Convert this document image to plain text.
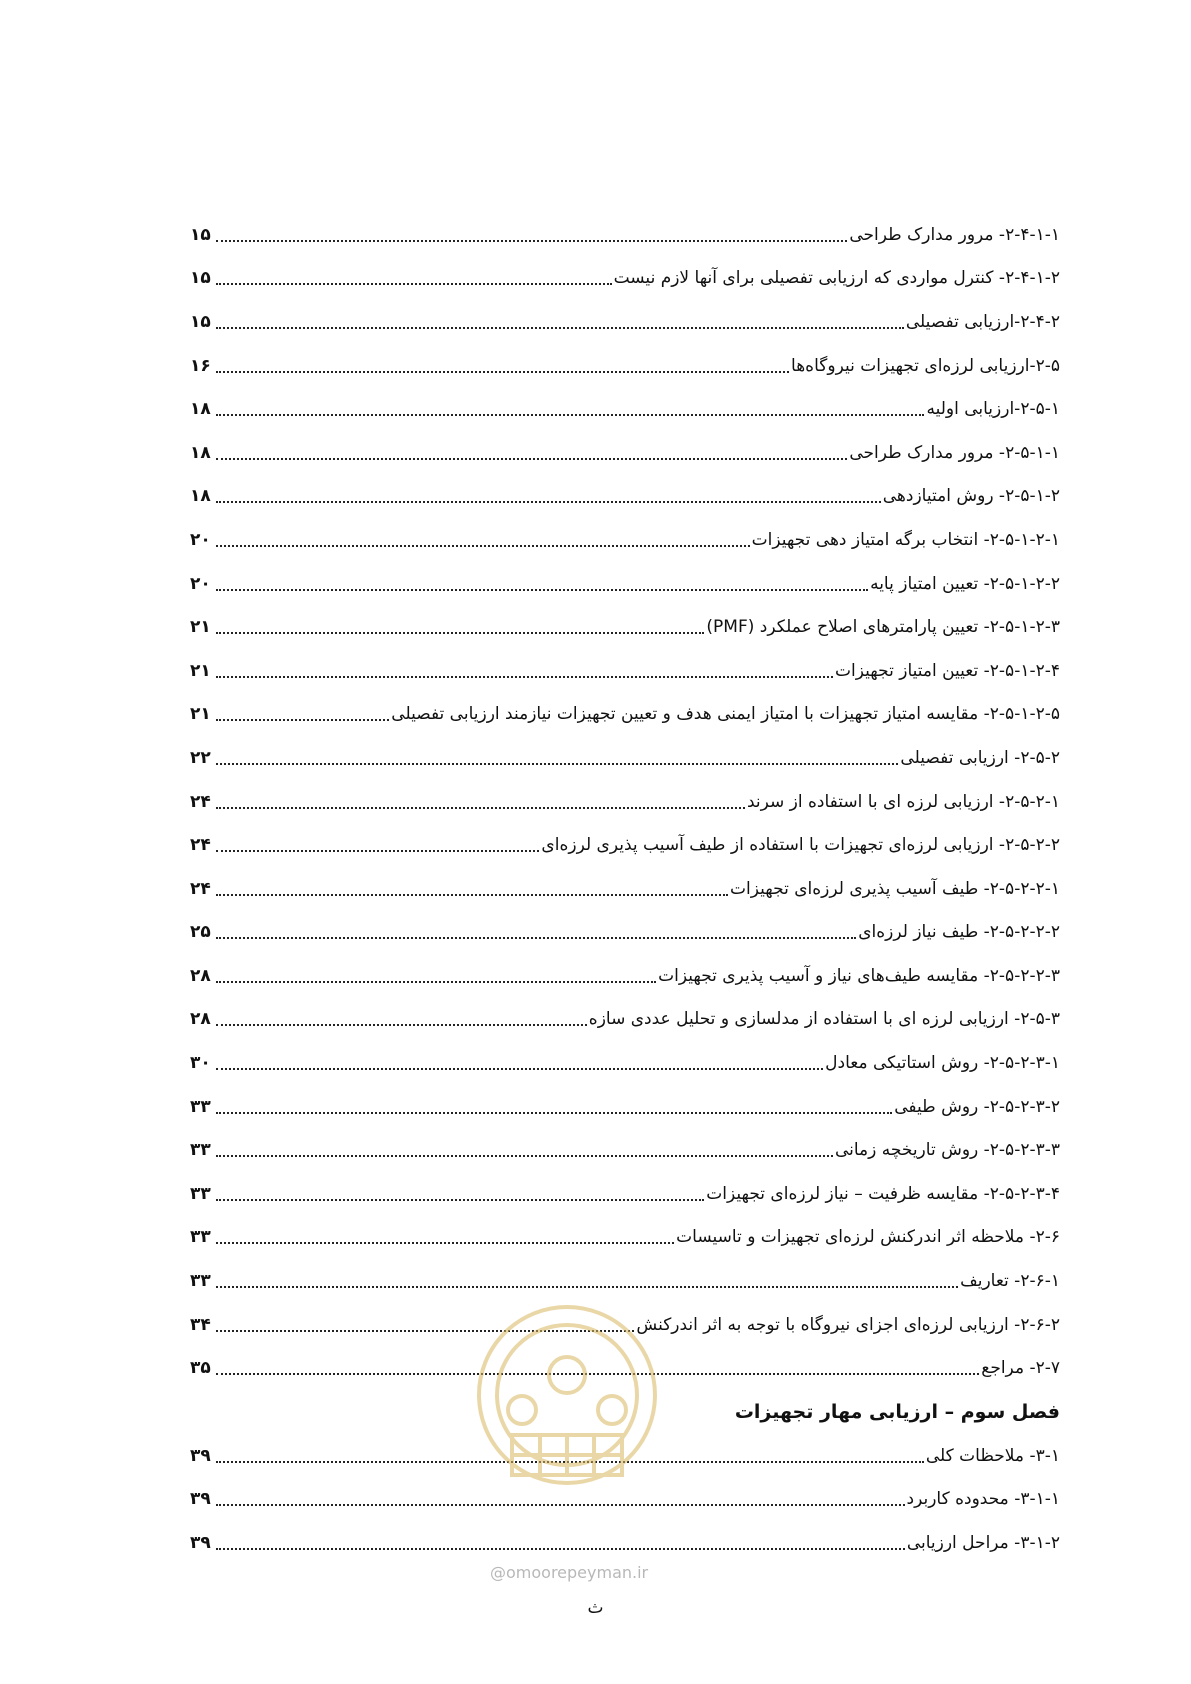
۲-۴-۱-۱- مرور مدارک طراحی
۱۵
۲-۴-۱-۲- کنترل مواردی که ارزیابی تفصیلی برای آنها لازم نیست
۱۵
۲-۴-۲-ارزیابی تفصیلی
۱۵
۲-۵-ارزیابی لرزه‌ای تجهیزات نیروگاه‌ها
۱۶
۲-۵-۱-ارزیابی اولیه
۱۸
۲-۵-۱-۱- مرور مدارک طراحی
۱۸
۲-۵-۱-۲- روش امتیازدهی
۱۸
۲-۵-۱-۲-۱- انتخاب برگه امتیاز دهی تجهیزات
۲۰
۲-۵-۱-۲-۲- تعیین امتیاز پایه
۲۰
۲-۵-۱-۲-۳- تعیین پارامترهای اصلاح عملکرد (PMF)
۲۱
۲-۵-۱-۲-۴- تعیین امتیاز تجهیزات
۲۱
۲-۵-۱-۲-۵- مقایسه امتیاز تجهیزات با امتیاز ایمنی هدف و تعیین تجهیزات نیازمند ارزیابی تفصیلی
۲۱
۲-۵-۲- ارزیابی تفصیلی
۲۲
۲-۵-۲-۱- ارزیابی لرزه ای با استفاده از سرند
۲۴
۲-۵-۲-۲- ارزیابی لرزه‌ای تجهیزات با استفاده از طیف آسیب پذیری لرزه‌ای
۲۴
۲-۵-۲-۲-۱- طیف آسیب پذیری لرزه‌ای تجهیزات
۲۴
۲-۵-۲-۲-۲- طیف نیاز لرزه‌ای
۲۵
۲-۵-۲-۲-۳- مقایسه طیف‌های نیاز و آسیب پذیری تجهیزات
۲۸
۲-۵-۳- ارزیابی لرزه ای با استفاده از مدلسازی و تحلیل عددی سازه
۲۸
۲-۵-۲-۳-۱- روش استاتیکی معادل
۳۰
۲-۵-۲-۳-۲- روش طیفی
۳۳
۲-۵-۲-۳-۳- روش تاریخچه زمانی
۳۳
۲-۵-۲-۳-۴- مقایسه ظرفیت – نیاز لرزه‌ای تجهیزات
۳۳
۲-۶- ملاحظه اثر اندرکنش لرزه‌ای تجهیزات و تاسیسات
۳۳
۲-۶-۱- تعاریف
۳۳
۲-۶-۲- ارزیابی لرزه‌ای اجزای نیروگاه با توجه به اثر اندرکنش
۳۴
۲-۷- مراجع
۳۵
فصل سوم – ارزیابی مهار تجهیزات
۳-۱- ملاحظات کلی
۳۹
۳-۱-۱- محدوده کاربرد
۳۹
۳-۱-۲- مراحل ارزیابی
۳۹
@omoorepeyman.ir
ث
